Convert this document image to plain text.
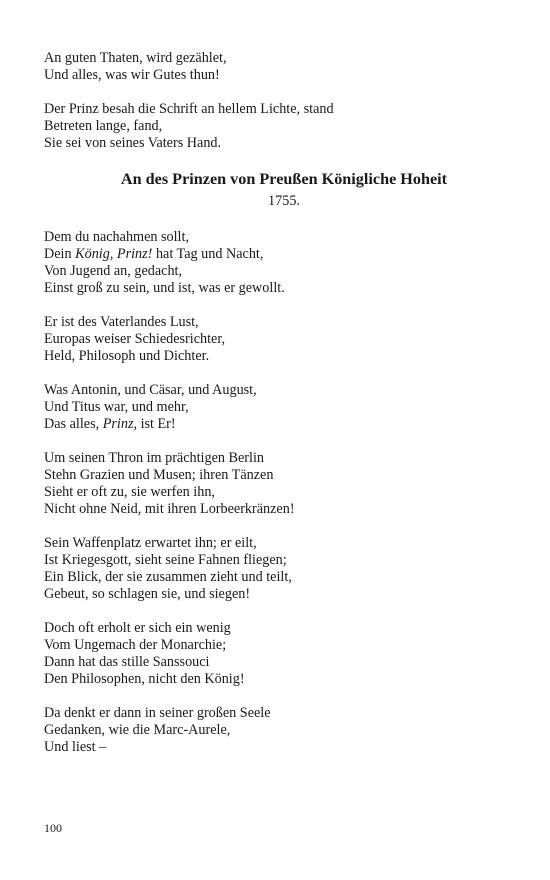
An guten Thaten, wird gezählet,
Und alles, was wir Gutes thun!
Der Prinz besah die Schrift an hellem Lichte, stand
Betreten lange, fand,
Sie sei von seines Vaters Hand.
An des Prinzen von Preußen Königliche Hoheit
1755.
Dem du nachahmen sollt,
Dein König, Prinz! hat Tag und Nacht,
Von Jugend an, gedacht,
Einst groß zu sein, und ist, was er gewollt.
Er ist des Vaterlandes Lust,
Europas weiser Schiedesrichter,
Held, Philosoph und Dichter.
Was Antonin, und Cäsar, und August,
Und Titus war, und mehr,
Das alles, Prinz, ist Er!
Um seinen Thron im prächtigen Berlin
Stehn Grazien und Musen; ihren Tänzen
Sieht er oft zu, sie werfen ihn,
Nicht ohne Neid, mit ihren Lorbeerkränzen!
Sein Waffenplatz erwartet ihn; er eilt,
Ist Kriegesgott, sieht seine Fahnen fliegen;
Ein Blick, der sie zusammen zieht und teilt,
Gebeut, so schlagen sie, und siegen!
Doch oft erholt er sich ein wenig
Vom Ungemach der Monarchie;
Dann hat das stille Sanssouci
Den Philosophen, nicht den König!
Da denkt er dann in seiner großen Seele
Gedanken, wie die Marc-Aurele,
Und liest –
100
